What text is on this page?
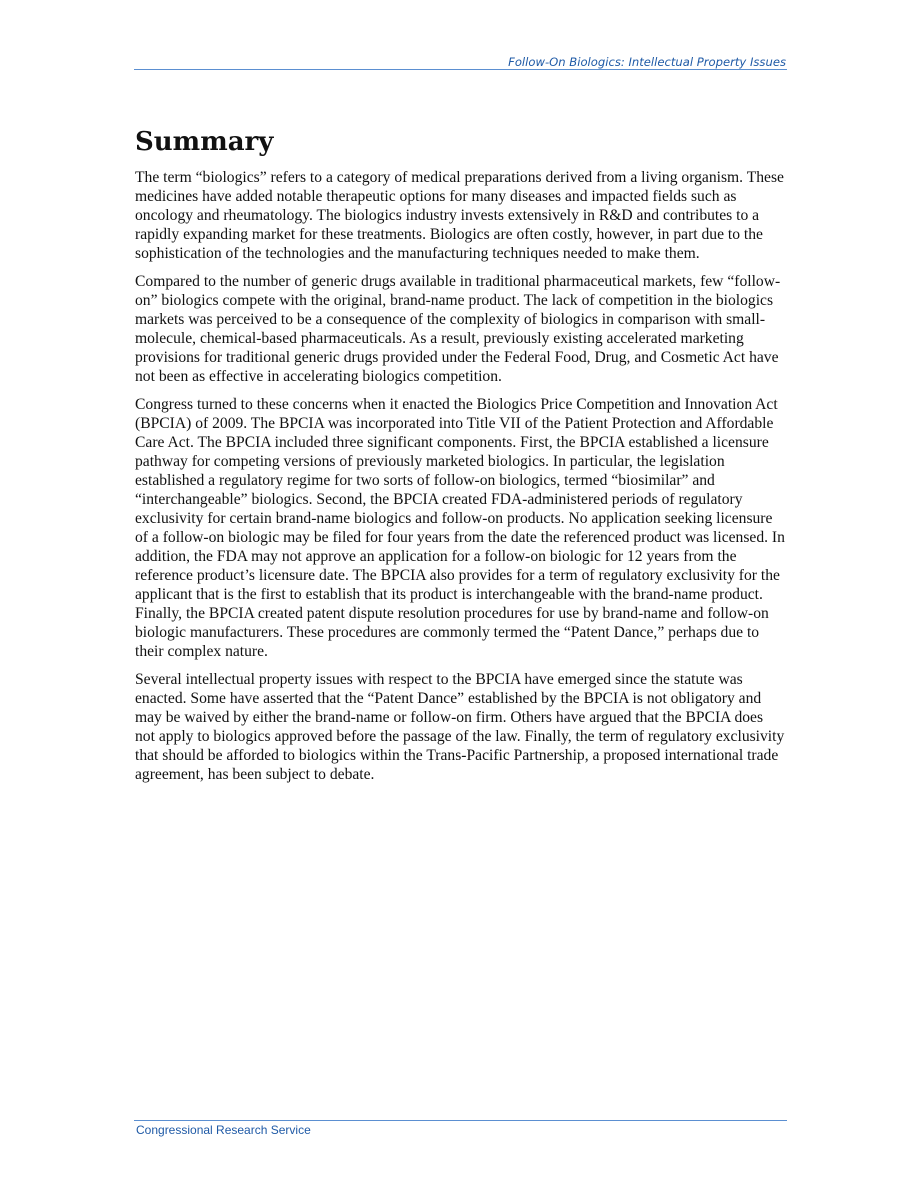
Follow-On Biologics: Intellectual Property Issues
Summary

The term “biologics” refers to a category of medical preparations derived from a living organism. These medicines have added notable therapeutic options for many diseases and impacted fields such as oncology and rheumatology. The biologics industry invests extensively in R&D and contributes to a rapidly expanding market for these treatments. Biologics are often costly, however, in part due to the sophistication of the technologies and the manufacturing techniques needed to make them.

Compared to the number of generic drugs available in traditional pharmaceutical markets, few “follow-on” biologics compete with the original, brand-name product. The lack of competition in the biologics markets was perceived to be a consequence of the complexity of biologics in comparison with small-molecule, chemical-based pharmaceuticals. As a result, previously existing accelerated marketing provisions for traditional generic drugs provided under the Federal Food, Drug, and Cosmetic Act have not been as effective in accelerating biologics competition.

Congress turned to these concerns when it enacted the Biologics Price Competition and Innovation Act (BPCIA) of 2009. The BPCIA was incorporated into Title VII of the Patient Protection and Affordable Care Act. The BPCIA included three significant components. First, the BPCIA established a licensure pathway for competing versions of previously marketed biologics. In particular, the legislation established a regulatory regime for two sorts of follow-on biologics, termed “biosimilar” and “interchangeable” biologics. Second, the BPCIA created FDA-administered periods of regulatory exclusivity for certain brand-name biologics and follow-on products. No application seeking licensure of a follow-on biologic may be filed for four years from the date the referenced product was licensed. In addition, the FDA may not approve an application for a follow-on biologic for 12 years from the reference product’s licensure date. The BPCIA also provides for a term of regulatory exclusivity for the applicant that is the first to establish that its product is interchangeable with the brand-name product. Finally, the BPCIA created patent dispute resolution procedures for use by brand-name and follow-on biologic manufacturers. These procedures are commonly termed the “Patent Dance,” perhaps due to their complex nature.

Several intellectual property issues with respect to the BPCIA have emerged since the statute was enacted. Some have asserted that the “Patent Dance” established by the BPCIA is not obligatory and may be waived by either the brand-name or follow-on firm. Others have argued that the BPCIA does not apply to biologics approved before the passage of the law. Finally, the term of regulatory exclusivity that should be afforded to biologics within the Trans-Pacific Partnership, a proposed international trade agreement, has been subject to debate.

Congressional Research Service
